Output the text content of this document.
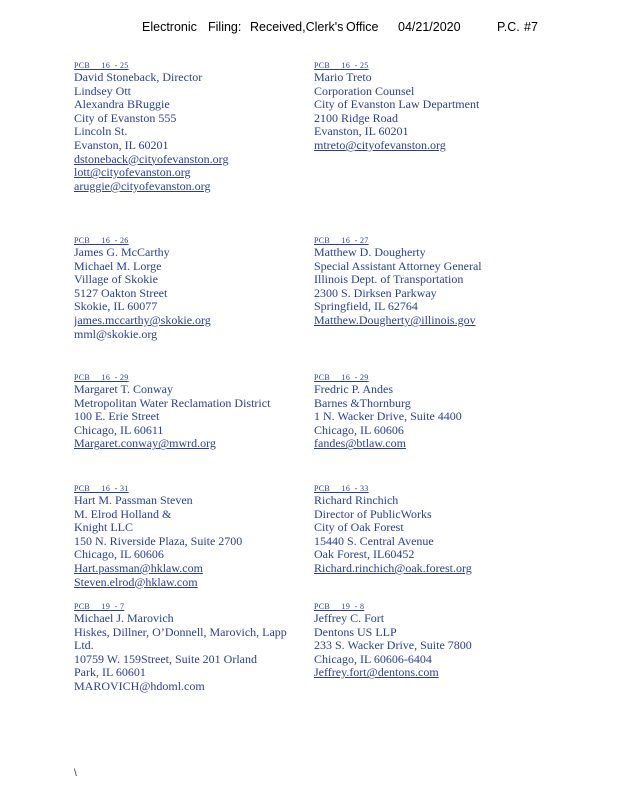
Electronic Filing: Received,Clerk's Office 04/21/2020	P.C. #7
PCB     16  - 25
David Stoneback, Director
Lindsey Ott
Alexandra BRuggie
City of Evanston 555
Lincoln St.
Evanston, IL 60201
dstoneback@cityofevanston.org
lott@cityofevanston.org
aruggie@cityofevanston.org
PCB     16  - 25
Mario Treto
Corporation Counsel
City of Evanston Law Department
2100 Ridge Road
Evanston, IL 60201
mtreto@cityofevanston.org
PCB     16  - 26
James G. McCarthy
Michael M. Lorge
Village of Skokie
5127 Oakton Street
Skokie, IL 60077
james.mccarthy@skokie.org
mml@skokie.org
PCB     16  - 27
Matthew D. Dougherty
Special Assistant Attorney General
Illinois Dept. of Transportation
2300 S. Dirksen Parkway
Springfield, IL 62764
Matthew.Dougherty@illinois.gov
PCB     16  - 29
Margaret T. Conway
Metropolitan Water Reclamation District
100 E. Erie Street
Chicago, IL 60611
Margaret.conway@mwrd.org
PCB     16  - 29
Fredric P. Andes
Barnes &Thornburg
1 N. Wacker Drive, Suite 4400
Chicago, IL 60606
fandes@btlaw.com
PCB     16  - 31
Hart M. Passman Steven
M. Elrod Holland &
Knight LLC
150 N. Riverside Plaza, Suite 2700
Chicago, IL 60606
Hart.passman@hklaw.com
Steven.elrod@hklaw.com
PCB     16  - 33
Richard Rinchich
Director of PublicWorks
City of Oak Forest
15440 S. Central Avenue
Oak Forest, IL60452
Richard.rinchich@oak.forest.org
PCB     19  - 7
Michael J. Marovich
Hiskes, Dillner, O’Donnell, Marovich, Lapp
Ltd.
10759 W. 159Street, Suite 201 Orland
Park, IL 60601
MAROVICH@hdoml.com
PCB     19  - 8
Jeffrey C. Fort
Dentons US LLP
233 S. Wacker Drive, Suite 7800
Chicago, IL 60606-6404
Jeffrey.fort@dentons.com
\
